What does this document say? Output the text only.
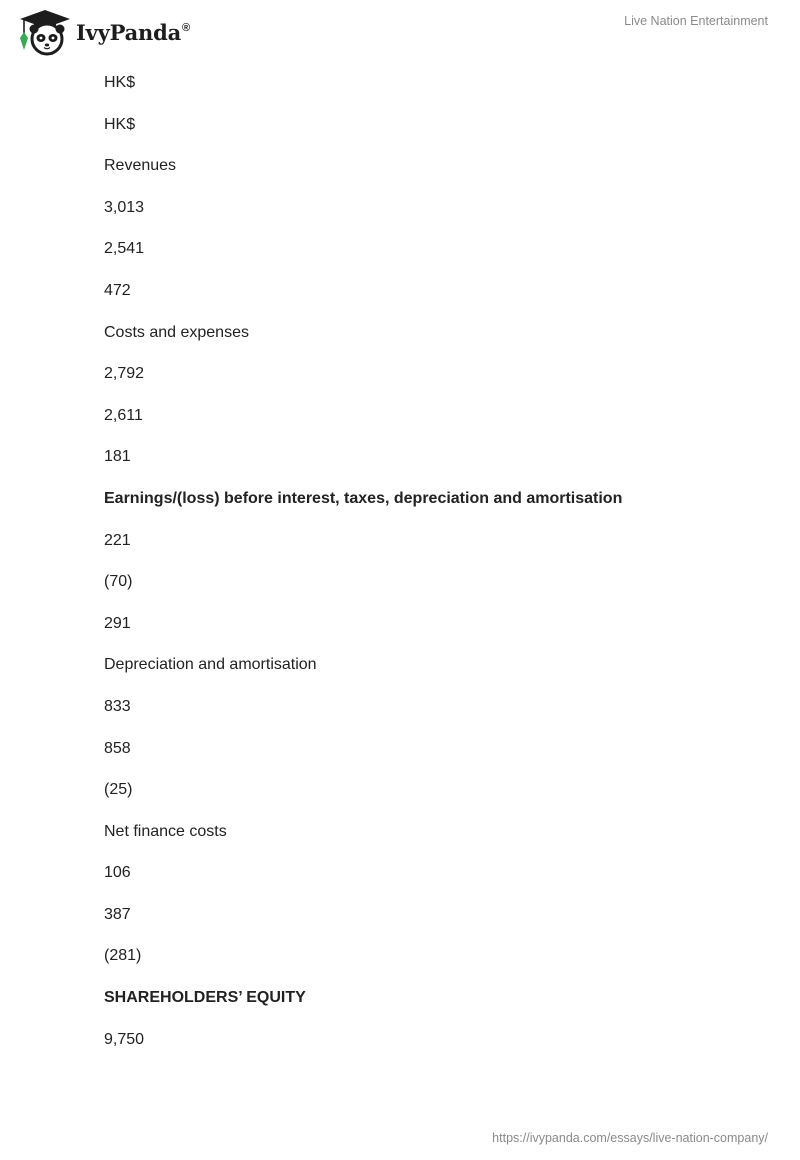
IvyPanda®	Live Nation Entertainment
HK$
HK$
Revenues
3,013
2,541
472
Costs and expenses
2,792
2,611
181
Earnings/(loss) before interest, taxes, depreciation and amortisation
221
(70)
291
Depreciation and amortisation
833
858
(25)
Net finance costs
106
387
(281)
SHAREHOLDERS’ EQUITY
9,750
https://ivypanda.com/essays/live-nation-company/
